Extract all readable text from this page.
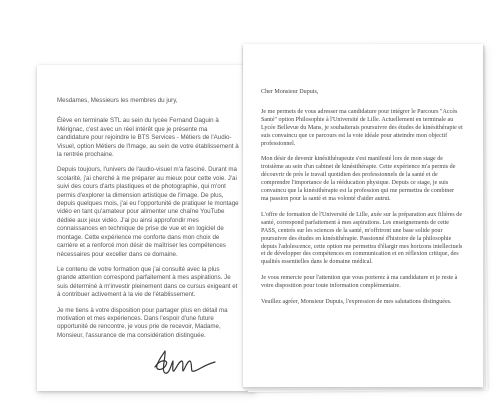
Mesdames, Messieurs les membres du jury,

Élève en terminale STL au sein du lycée Fernand Daguin à Mérignac, c'est avec un réel intérêt que je présente ma candidature pour rejoindre le BTS Services - Métiers de l'Audio-Visuel, option Métiers de l'Image, au sein de votre établissement à la rentrée prochaine.

Depuis toujours, l'univers de l'audio-visuel m'a fasciné. Durant ma scolarité, j'ai cherché à me préparer au mieux pour cette voie. J'ai suivi des cours d'arts plastiques et de photographie, qui m'ont permis d'explorer la dimension artistique de l'image. De plus, depuis quelques mois, j'ai eu l'opportunité de pratiquer le montage vidéo en tant qu'amateur pour alimenter une chaîne YouTube dédiée aux jeux vidéo. J'ai pu ainsi approfondir mes connaissances en technique de prise de vue et en logiciel de montage. Cette expérience me conforte dans mon choix de carrière et a renforcé mon désir de maîtriser les compétences nécessaires pour exceller dans ce domaine.

Le contenu de votre formation que j'ai consulté avec la plus grande attention correspond parfaitement à mes aspirations. Je suis déterminé à m'investir pleinement dans ce cursus exigeant et à contribuer activement à la vie de l'établissement.

Je me tiens à votre disposition pour partager plus en détail ma motivation et mes expériences. Dans l'espoir d'une future opportunité de rencontre, je vous prie de recevoir, Madame, Monsieur, l'assurance de ma considération distinguée.

Cher Monsieur Dupuis,

Je me permets de vous adresser ma candidature pour intégrer le Parcours "Accès Santé" option Philosophie à l'Université de Lille. Actuellement en terminale au Lycée Bellevue du Mans, je souhaiterais poursuivre des études de kinésithérapie et suis convaincu que ce parcours est la voie idéale pour atteindre mon objectif professionnel.

Mon désir de devenir kinésithérapeute s'est manifesté lors de mon stage de troisième au sein d'un cabinet de kinésithérapie. Cette expérience m'a permis de découvrir de près le travail quotidien des professionnels de la santé et de comprendre l'importance de la rééducation physique. Depuis ce stage, je suis convaincu que la kinésithérapie est la profession qui me permettra de combiner ma passion pour la santé et ma volonté d'aider autrui.

L'offre de formation de l'Université de Lille, axée sur la préparation aux filières de santé, correspond parfaitement à mes aspirations. Les enseignements de cette PASS, centrés sur les sciences de la santé, m'offriront une base solide pour poursuivre des études en kinésithérapie. Passionné d'histoire de la philosophie depuis l'adolescence, cette option me permettra d'élargir mes horizons intellectuels et de développer des compétences en communication et en réflexion critique, des qualités essentielles dans le domaine médical.

Je vous remercie pour l'attention que vous porterez à ma candidature et je reste à votre disposition pour toute information complémentaire.

Veuillez agréer, Monsieur Dupuis, l'expression de mes salutations distinguées.
